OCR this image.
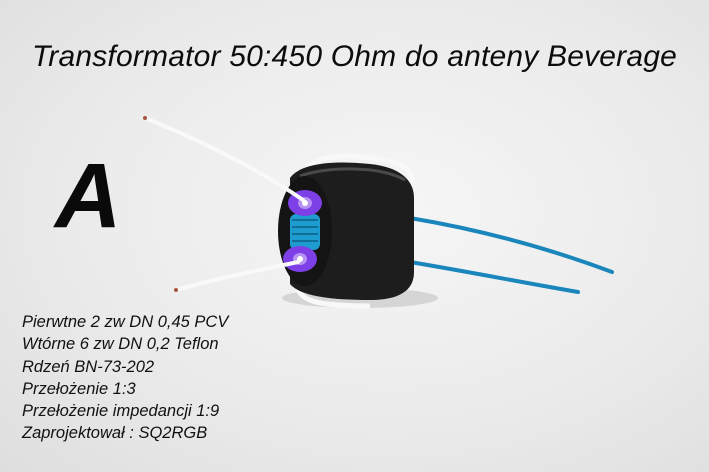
Transformator 50:450 Ohm do anteny Beverage
A
Pierwtne 2 zw DN 0,45 PCV
Wtórne 6 zw DN 0,2 Teflon
Rdzeń BN-73-202
Przełożenie 1:3
Przełożenie impedancji 1:9
Zaprojektował : SQ2RGB
